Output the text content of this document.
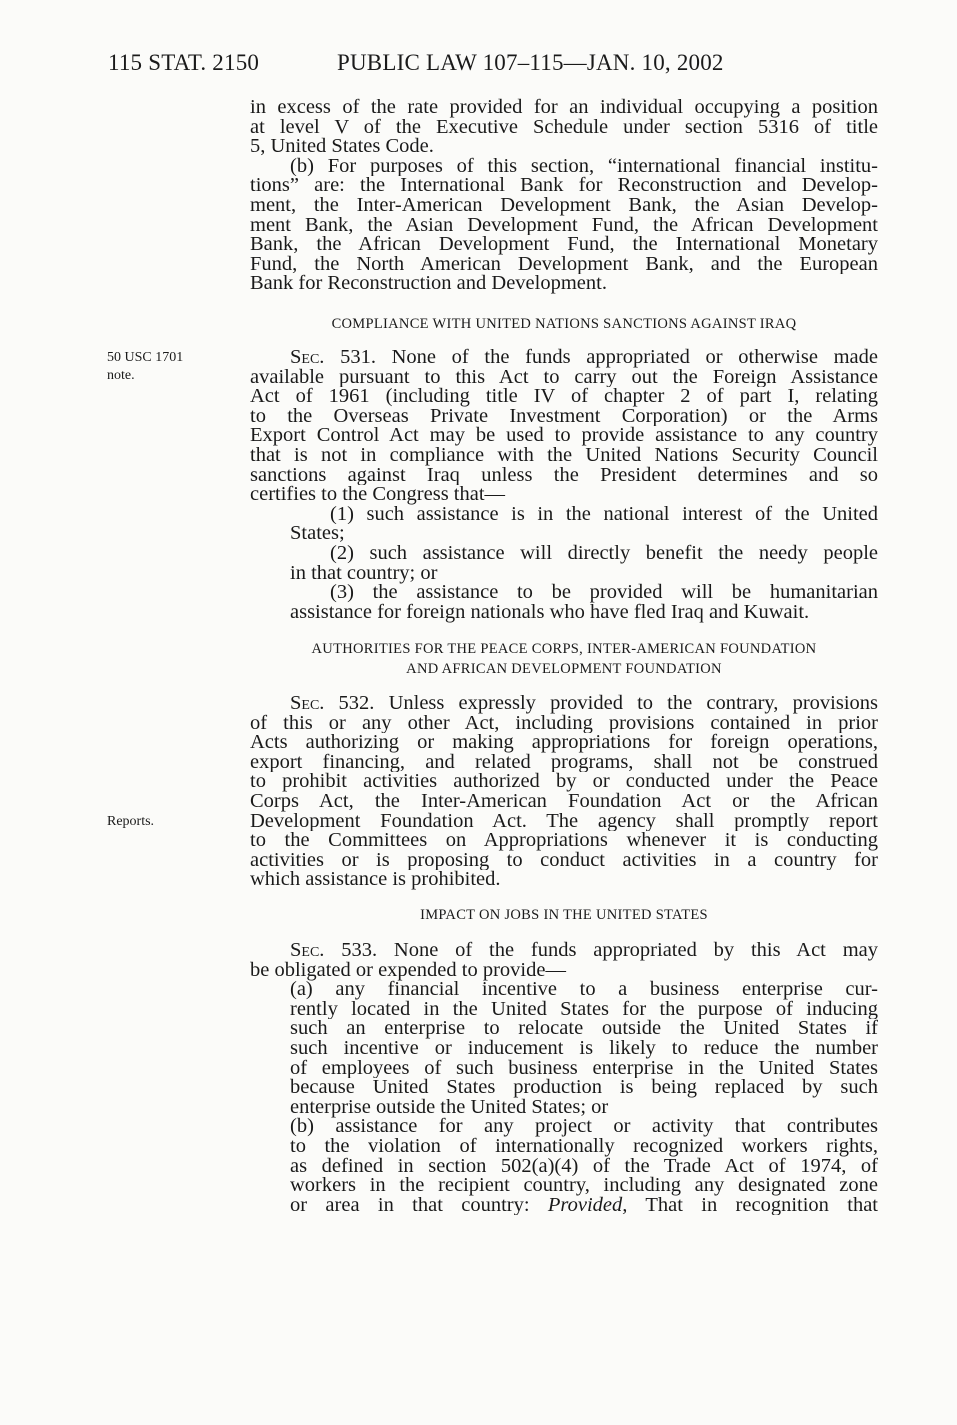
115 STAT. 2150	PUBLIC LAW 107–115—JAN. 10, 2002
50 USC 1701
note.
Reports.
in excess of the rate provided for an individual occupying a position
at level V of the Executive Schedule under section 5316 of title
5, United States Code.
(b) For purposes of this section, “international financial institu-
tions” are: the International Bank for Reconstruction and Develop-
ment, the Inter-American Development Bank, the Asian Develop-
ment Bank, the Asian Development Fund, the African Development
Bank, the African Development Fund, the International Monetary
Fund, the North American Development Bank, and the European
Bank for Reconstruction and Development.
COMPLIANCE WITH UNITED NATIONS SANCTIONS AGAINST IRAQ
Sec. 531. None of the funds appropriated or otherwise made
available pursuant to this Act to carry out the Foreign Assistance
Act of 1961 (including title IV of chapter 2 of part I, relating
to the Overseas Private Investment Corporation) or the Arms
Export Control Act may be used to provide assistance to any country
that is not in compliance with the United Nations Security Council
sanctions against Iraq unless the President determines and so
certifies to the Congress that—
(1) such assistance is in the national interest of the United
States;
(2) such assistance will directly benefit the needy people
in that country; or
(3) the assistance to be provided will be humanitarian
assistance for foreign nationals who have fled Iraq and Kuwait.
AUTHORITIES FOR THE PEACE CORPS, INTER-AMERICAN FOUNDATION
AND AFRICAN DEVELOPMENT FOUNDATION
Sec. 532. Unless expressly provided to the contrary, provisions
of this or any other Act, including provisions contained in prior
Acts authorizing or making appropriations for foreign operations,
export financing, and related programs, shall not be construed
to prohibit activities authorized by or conducted under the Peace
Corps Act, the Inter-American Foundation Act or the African
Development Foundation Act. The agency shall promptly report
to the Committees on Appropriations whenever it is conducting
activities or is proposing to conduct activities in a country for
which assistance is prohibited.
IMPACT ON JOBS IN THE UNITED STATES
Sec. 533. None of the funds appropriated by this Act may
be obligated or expended to provide—
(a) any financial incentive to a business enterprise cur-
rently located in the United States for the purpose of inducing
such an enterprise to relocate outside the United States if
such incentive or inducement is likely to reduce the number
of employees of such business enterprise in the United States
because United States production is being replaced by such
enterprise outside the United States; or
(b) assistance for any project or activity that contributes
to the violation of internationally recognized workers rights,
as defined in section 502(a)(4) of the Trade Act of 1974, of
workers in the recipient country, including any designated zone
or area in that country: Provided, That in recognition that
